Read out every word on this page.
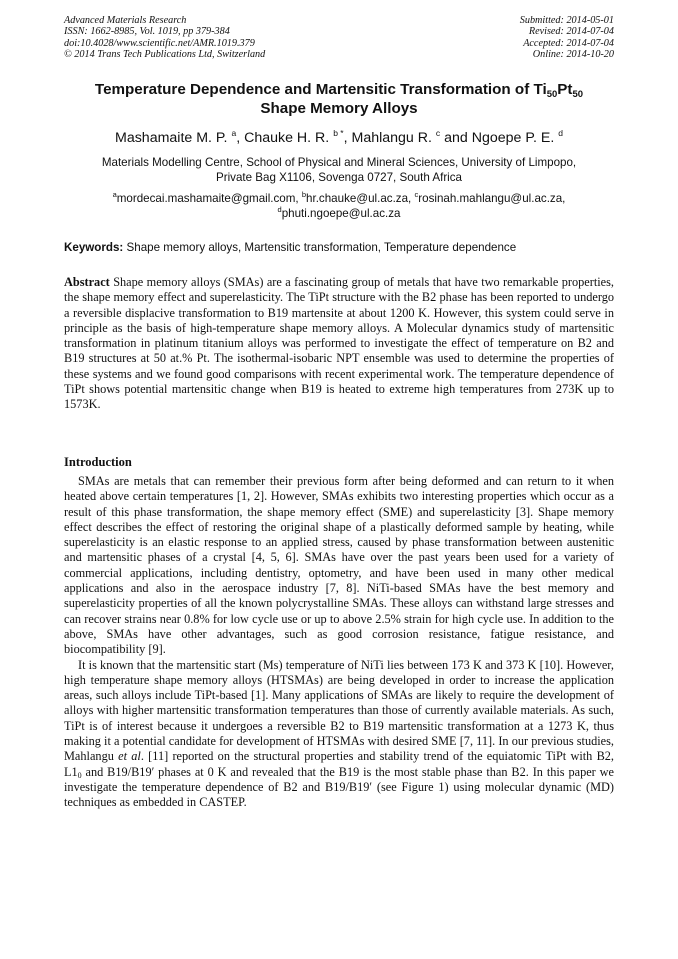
Advanced Materials Research
ISSN: 1662-8985, Vol. 1019, pp 379-384
doi:10.4028/www.scientific.net/AMR.1019.379
© 2014 Trans Tech Publications Ltd, Switzerland
Submitted: 2014-05-01
Revised: 2014-07-04
Accepted: 2014-07-04
Online: 2014-10-20
Temperature Dependence and Martensitic Transformation of $Ti_{50}Pt_{50}$
Shape Memory Alloys
Mashamaite M. P. $^a$, Chauke H. R. $^{b *}$, Mahlangu R. $^c$ and Ngoepe P. E. $^d$
Materials Modelling Centre, School of Physical and Mineral Sciences, University of Limpopo,
Private Bag X1106, Sovenga 0727, South Africa
$^a$mordecai.mashamaite@gmail.com, $^b$hr.chauke@ul.ac.za, $^c$rosinah.mahlangu@ul.ac.za,
$^d$phuti.ngoepe@ul.ac.za
Keywords: Shape memory alloys, Martensitic transformation, Temperature dependence
Abstract Shape memory alloys (SMAs) are a fascinating group of metals that have two remarkable properties, the shape memory effect and superelasticity. The TiPt structure with the B2 phase has been reported to undergo a reversible displacive transformation to B19 martensite at about 1200 K. However, this system could serve in principle as the basis of high-temperature shape memory alloys. A Molecular dynamics study of martensitic transformation in platinum titanium alloys was performed to investigate the effect of temperature on B2 and B19 structures at 50 at.% Pt. The isothermal-isobaric NPT ensemble was used to determine the properties of these systems and we found good comparisons with recent experimental work. The temperature dependence of TiPt shows potential martensitic change when B19 is heated to extreme high temperatures from 273K up to 1573K.
Introduction

SMAs are metals that can remember their previous form after being deformed and can return to it when heated above certain temperatures [1, 2]. However, SMAs exhibits two interesting properties which occur as a result of this phase transformation, the shape memory effect (SME) and superelasticity [3]. Shape memory effect describes the effect of restoring the original shape of a plastically deformed sample by heating, while superelasticity is an elastic response to an applied stress, caused by phase transformation between austenitic and martensitic phases of a crystal [4, 5, 6]. SMAs have over the past years been used for a variety of commercial applications, including dentistry, optometry, and have been used in many other medical applications and also in the aerospace industry [7, 8]. NiTi-based SMAs have the best memory and superelasticity properties of all the known polycrystalline SMAs. These alloys can withstand large stresses and can recover strains near 0.8% for low cycle use or up to above 2.5% strain for high cycle use. In addition to the above, SMAs have other advantages, such as good corrosion resistance, fatigue resistance, and biocompatibility [9].

It is known that the martensitic start (Ms) temperature of NiTi lies between 173 K and 373 K [10]. However, high temperature shape memory alloys (HTSMAs) are being developed in order to increase the application areas, such alloys include TiPt-based [1]. Many applications of SMAs are likely to require the development of alloys with higher martensitic transformation temperatures than those of currently available materials. As such, TiPt is of interest because it undergoes a reversible B2 to B19 martensitic transformation at a 1273 K, thus making it a potential candidate for development of HTSMAs with desired SME [7, 11]. In our previous studies, Mahlangu et al. [11] reported on the structural properties and stability trend of the equiatomic TiPt with B2, $L1_0$ and B19/B19′ phases at 0 K and revealed that the B19 is the most stable phase than B2. In this paper we investigate the temperature dependence of B2 and B19/B19′ (see Figure 1) using molecular dynamic (MD) techniques as embedded in CASTEP.
